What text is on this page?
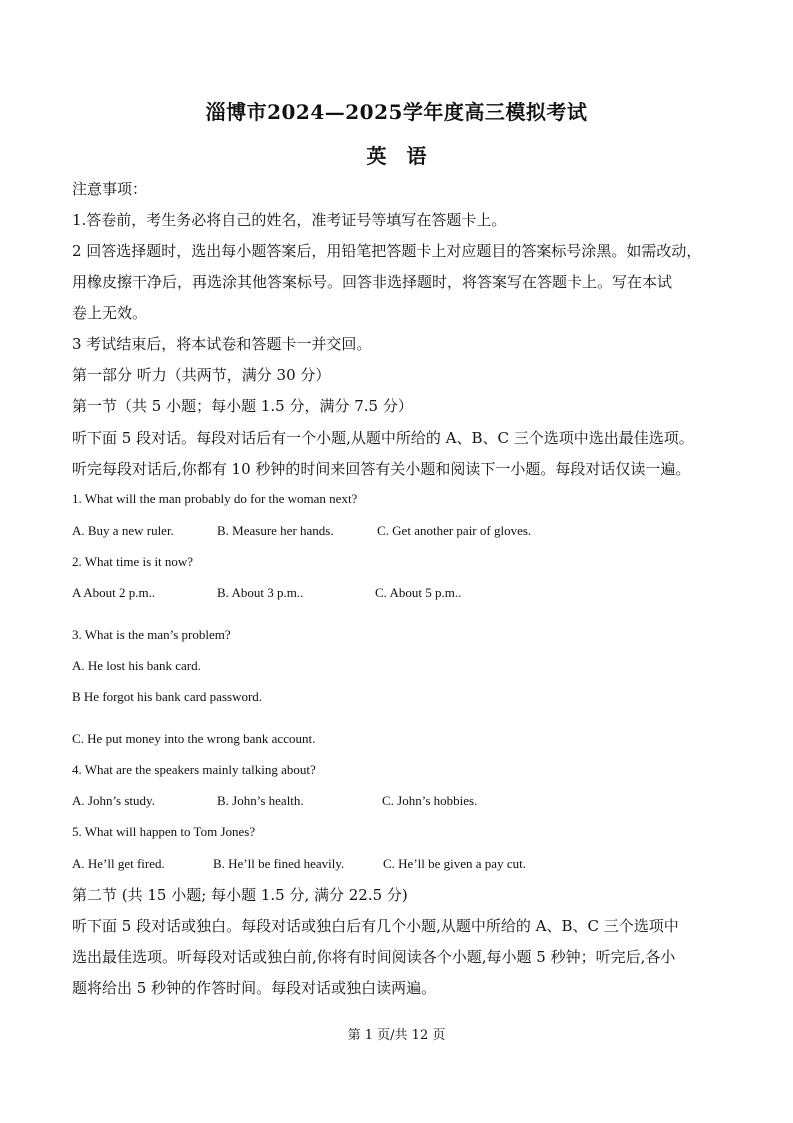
淄博市2024—2025学年度高三模拟考试
英　语
注意事项：
1.答卷前，考生务必将自己的姓名，准考证号等填写在答题卡上。
2 回答选择题时，选出每小题答案后，用铅笔把答题卡上对应题目的答案标号涂黑。如需改动，
用橡皮擦干净后，再选涂其他答案标号。回答非选择题时，将答案写在答题卡上。写在本试
卷上无效。
3 考试结束后，将本试卷和答题卡一并交回。
第一部分 听力（共两节，满分 30 分）
第一节（共 5 小题；每小题 1.5 分，满分 7.5 分）
听下面 5 段对话。每段对话后有一个小题,从题中所给的 A、B、C 三个选项中选出最佳选项。
听完每段对话后,你都有 10 秒钟的时间来回答有关小题和阅读下一小题。每段对话仅读一遍。
1. What will the man probably do for the woman next?
A. Buy a new ruler.	B. Measure her hands.	C. Get another pair of gloves.
2. What time is it now?
A About 2 p.m..	B. About 3 p.m..	C. About 5 p.m..
3. What is the man’s problem?
A. He lost his bank card.
B He forgot his bank card password.
C. He put money into the wrong bank account.
4. What are the speakers mainly talking about?
A. John’s study.	B. John’s health.	C. John’s hobbies.
5. What will happen to Tom Jones?
A. He’ll get fired.	B. He’ll be fined heavily.	C. He’ll be given a pay cut.
第二节 (共 15 小题; 每小题 1.5 分, 满分 22.5 分)
听下面 5 段对话或独白。每段对话或独白后有几个小题,从题中所给的 A、B、C 三个选项中
选出最佳选项。听每段对话或独白前,你将有时间阅读各个小题,每小题 5 秒钟；听完后,各小
题将给出 5 秒钟的作答时间。每段对话或独白读两遍。
第 1 页/共 12 页
